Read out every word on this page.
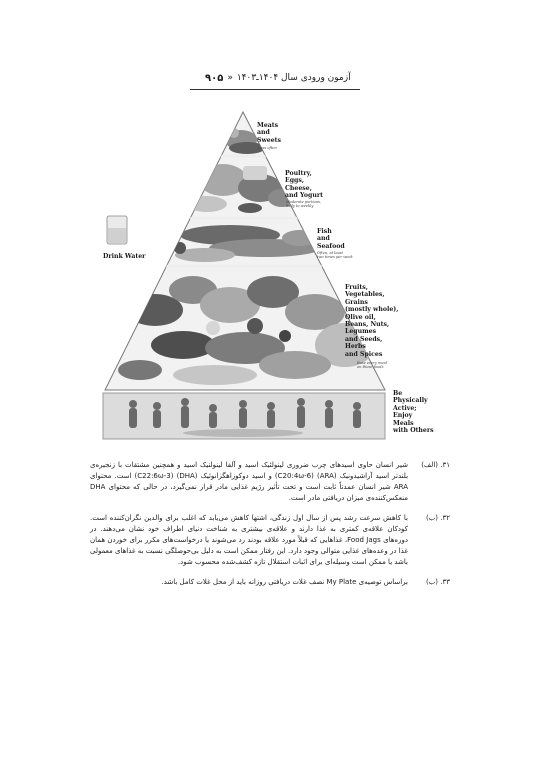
آزمون ورودی سال ۱۴۰۴ـ۱۴۰۳
«
۹۰۵
Meats
and
Sweets
Less often
Poultry,
Eggs,
Cheese,
and Yogurt
Moderate portions,
daily to weekly
Fish
and
Seafood
Often, at least
two times per week
Fruits,
Vegetables,
Grains
(mostly whole),
Olive oil,
Beans, Nuts,
Legumes
and Seeds,
Herbs
and Spices
Base every meal
on these foods
Drink Water
Be
Physically
Active;
Enjoy
Meals
with Others
۳۱. (الف)
شیر انسان حاوی اسیدهای چرب ضروری لینولئیک اسید و آلفا لینولنیک اسید و همچنین مشتقات با زنجیره‌ی بلندتر اسید آراشیدونیک (ARA) (C20:4ω-6) و اسید دوکوزاهگزانوئیک (DHA) (C22:6ω-3) است. محتوای ARA شیر انسان عمدتاً ثابت است و تحت تأثیر رژیم غذایی مادر قرار نمی‌گیرد، در حالی که محتوای DHA منعکس‌کننده‌ی میزان دریافتی مادر است.
۳۲. (ب)
با کاهش سرعت رشد پس از سال اول زندگی، اشتها کاهش می‌یابد که اغلب برای والدین نگران‌کننده است. کودکان علاقه‌ی کمتری به غذا دارند و علاقه‌ی بیشتری به شناخت دنیای اطراف خود نشان می‌دهند. در دوره‌های Food Jags، غذاهایی که قبلاً مورد علاقه بودند رد می‌شوند یا درخواست‌های مکرر برای خوردن همان غذا در وعده‌های غذایی متوالی وجود دارد. این رفتار ممکن است به دلیل بی‌حوصلگی نسبت به غذاهای معمولی باشد یا ممکن است وسیله‌ای برای اثبات استقلال تازه کشف‌شده محسوب شود.
۳۳. (ب)
براساس توصیه‌ی My Plate نصف غلات دریافتی روزانه باید از محل غلات کامل باشد.
